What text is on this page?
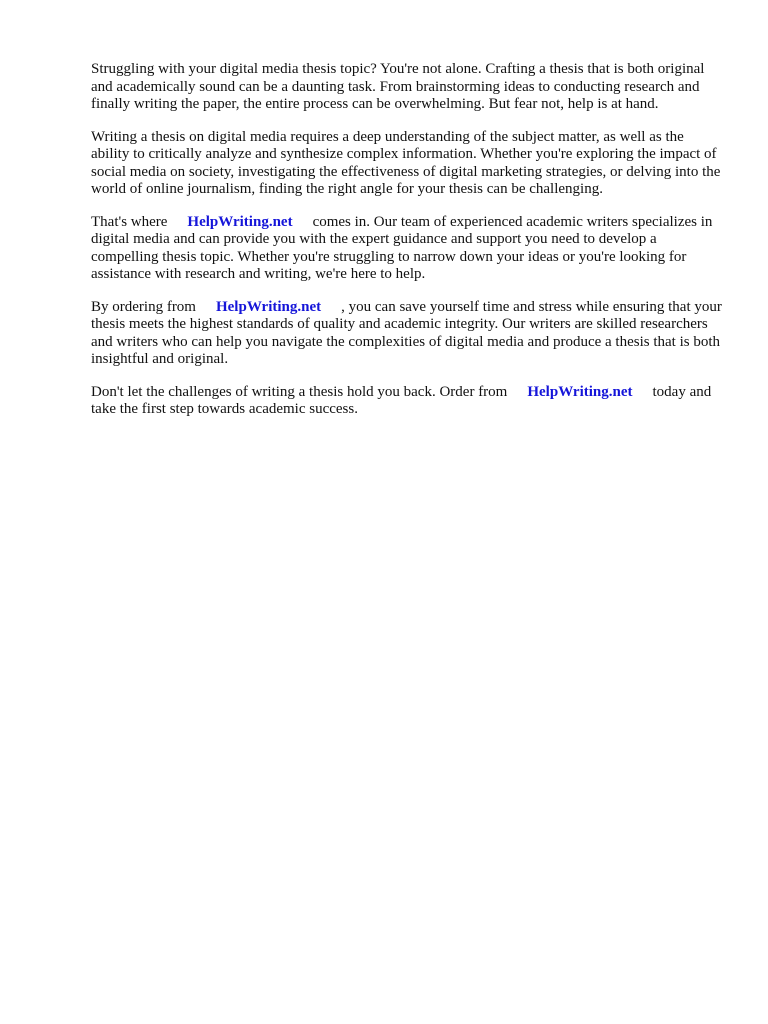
Struggling with your digital media thesis topic? You're not alone. Crafting a thesis that is both original and academically sound can be a daunting task. From brainstorming ideas to conducting research and finally writing the paper, the entire process can be overwhelming. But fear not, help is at hand.

Writing a thesis on digital media requires a deep understanding of the subject matter, as well as the ability to critically analyze and synthesize complex information. Whether you're exploring the impact of social media on society, investigating the effectiveness of digital marketing strategies, or delving into the world of online journalism, finding the right angle for your thesis can be challenging.

That's where HelpWriting.net comes in. Our team of experienced academic writers specializes in digital media and can provide you with the expert guidance and support you need to develop a compelling thesis topic. Whether you're struggling to narrow down your ideas or you're looking for assistance with research and writing, we're here to help.

By ordering from HelpWriting.net , you can save yourself time and stress while ensuring that your thesis meets the highest standards of quality and academic integrity. Our writers are skilled researchers and writers who can help you navigate the complexities of digital media and produce a thesis that is both insightful and original.

Don't let the challenges of writing a thesis hold you back. Order from HelpWriting.net today and take the first step towards academic success.
